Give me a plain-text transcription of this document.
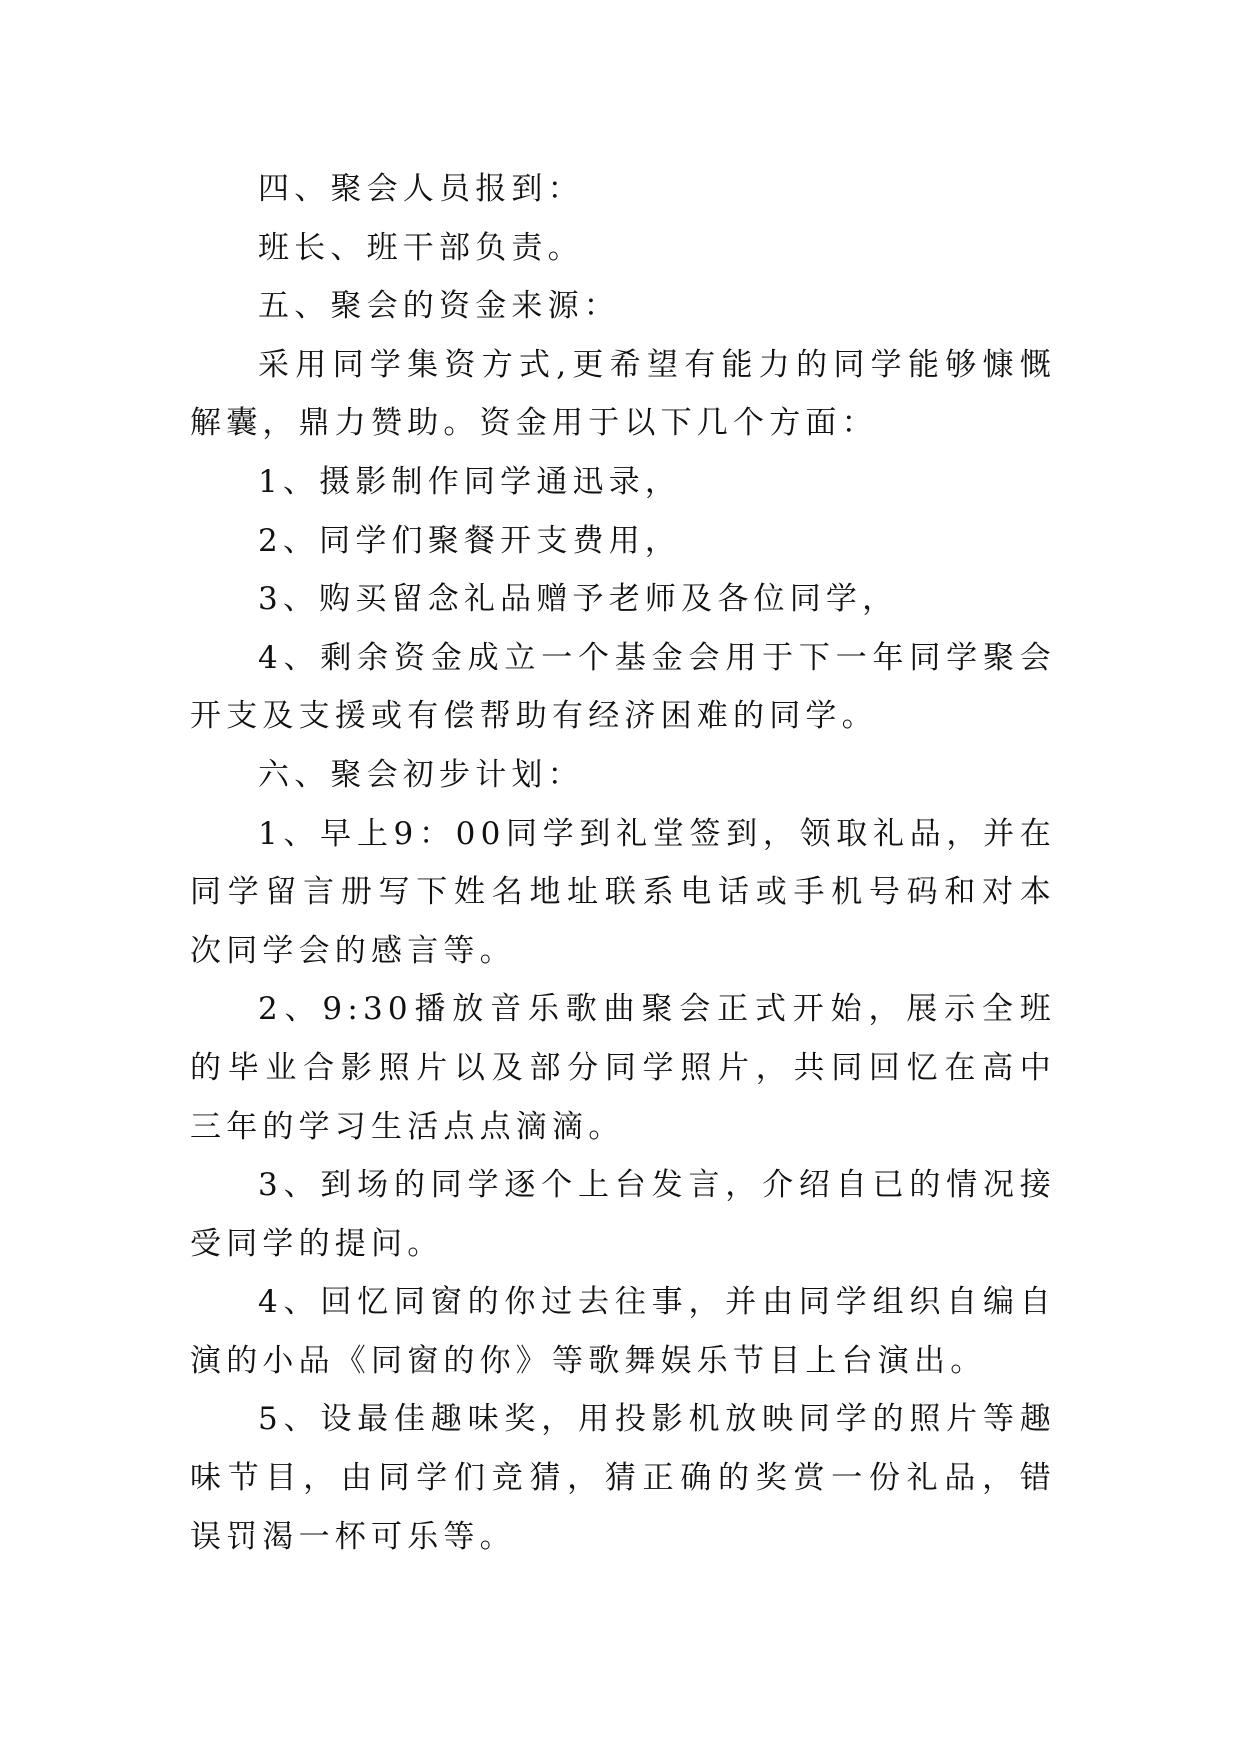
四、聚会人员报到：

班长、班干部负责。

五、聚会的资金来源：

采用同学集资方式,更希望有能力的同学能够慷慨解囊，鼎力赞助。资金用于以下几个方面：

1、摄影制作同学通迅录，

2、同学们聚餐开支费用，

3、购买留念礼品赠予老师及各位同学，

4、剩余资金成立一个基金会用于下一年同学聚会开支及支援或有偿帮助有经济困难的同学。

六、聚会初步计划：

1、早上9：00同学到礼堂签到，领取礼品，并在同学留言册写下姓名地址联系电话或手机号码和对本次同学会的感言等。

2、9:30播放音乐歌曲聚会正式开始，展示全班的毕业合影照片以及部分同学照片，共同回忆在高中三年的学习生活点点滴滴。

3、到场的同学逐个上台发言，介绍自已的情况接受同学的提问。

4、回忆同窗的你过去往事，并由同学组织自编自演的小品《同窗的你》等歌舞娱乐节目上台演出。

5、设最佳趣味奖，用投影机放映同学的照片等趣味节目，由同学们竞猜，猜正确的奖赏一份礼品，错误罚渴一杯可乐等。
